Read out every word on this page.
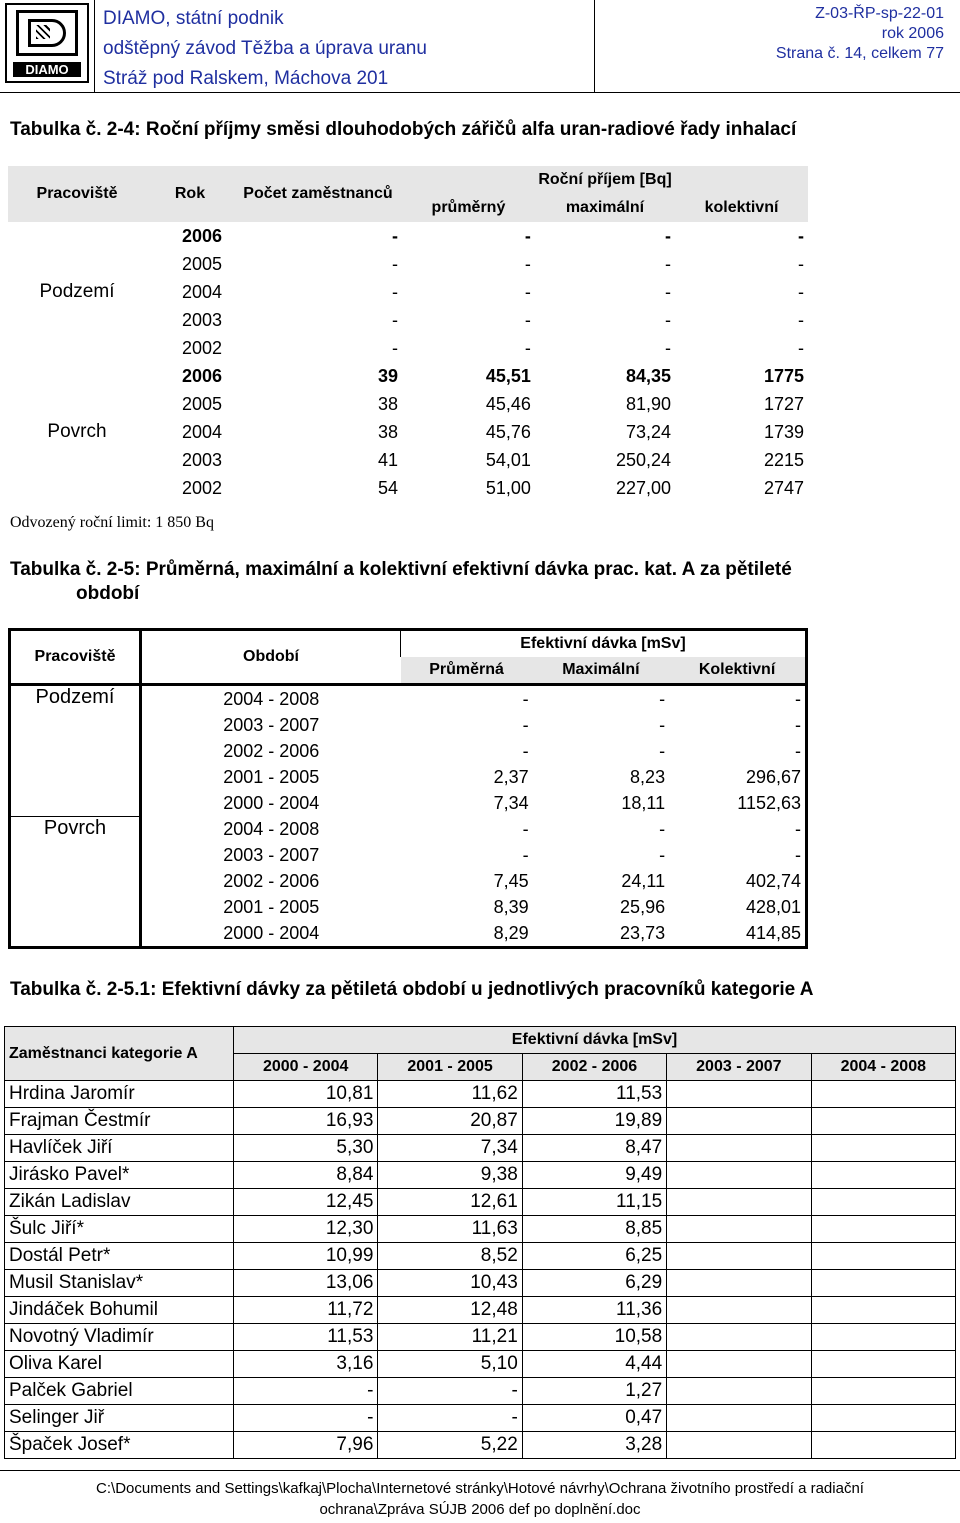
DIAMO
DIAMO, státní podnik
odštěpný závod Těžba a úprava uranu
Stráž pod Ralskem, Máchova 201
Z-03-ŘP-sp-22-01
rok 2006
Strana č. 14, celkem 77
Tabulka č. 2-4: Roční příjmy směsi dlouhodobých zářičů alfa uran-radiové řady inhalací
Pracoviště	Rok	Počet zaměstnanců	Roční příjem [Bq]		
			průměrný	maximální	kolektivní
Podzemí	2006	-	-	-	-
	2005	-	-	-	-
	2004	-	-	-	-
	2003	-	-	-	-
	2002	-	-	-	-
Povrch	2006	39	45,51	84,35	1775
	2005	38	45,46	81,90	1727
	2004	38	45,76	73,24	1739
	2003	41	54,01	250,24	2215
	2002	54	51,00	227,00	2747
Odvozený roční limit: 1 850 Bq
Tabulka č. 2-5: Průměrná, maximální a kolektivní efektivní dávka prac. kat. A za pětileté
období
Pracoviště	Období	Efektivní dávka [mSv]		
		Průměrná	Maximální	Kolektivní
Podzemí	2004 - 2008	-	-	-
	2003 - 2007	-	-	-
	2002 - 2006	-	-	-
	2001 - 2005	2,37	8,23	296,67
	2000 - 2004	7,34	18,11	1152,63
Povrch	2004 - 2008	-	-	-
	2003 - 2007	-	-	-
	2002 - 2006	7,45	24,11	402,74
	2001 - 2005	8,39	25,96	428,01
	2000 - 2004	8,29	23,73	414,85
Tabulka č. 2-5.1: Efektivní dávky za pětiletá období u jednotlivých pracovníků kategorie A
Zaměstnanci kategorie A	Efektivní dávka [mSv]				
	2000 - 2004	2001 - 2005	2002 - 2006	2003 - 2007	2004 - 2008
Hrdina Jaromír	10,81	11,62	11,53		
Frajman Čestmír	16,93	20,87	19,89		
Havlíček Jiří	5,30	7,34	8,47		
Jirásko Pavel*	8,84	9,38	9,49		
Zikán Ladislav	12,45	12,61	11,15		
Šulc Jiří*	12,30	11,63	8,85		
Dostál Petr*	10,99	8,52	6,25		
Musil Stanislav*	13,06	10,43	6,29		
Jindáček Bohumil	11,72	12,48	11,36		
Novotný Vladimír	11,53	11,21	10,58		
Oliva Karel	3,16	5,10	4,44		
Palček Gabriel	-	-	1,27		
Selinger Jiř	-	-	0,47		
Špaček Josef*	7,96	5,22	3,28		
C:\Documents and Settings\kafkaj\Plocha\Internetové stránky\Hotové návrhy\Ochrana životního prostředí a radiační
ochrana\Zpráva SÚJB 2006 def po doplnění.doc
